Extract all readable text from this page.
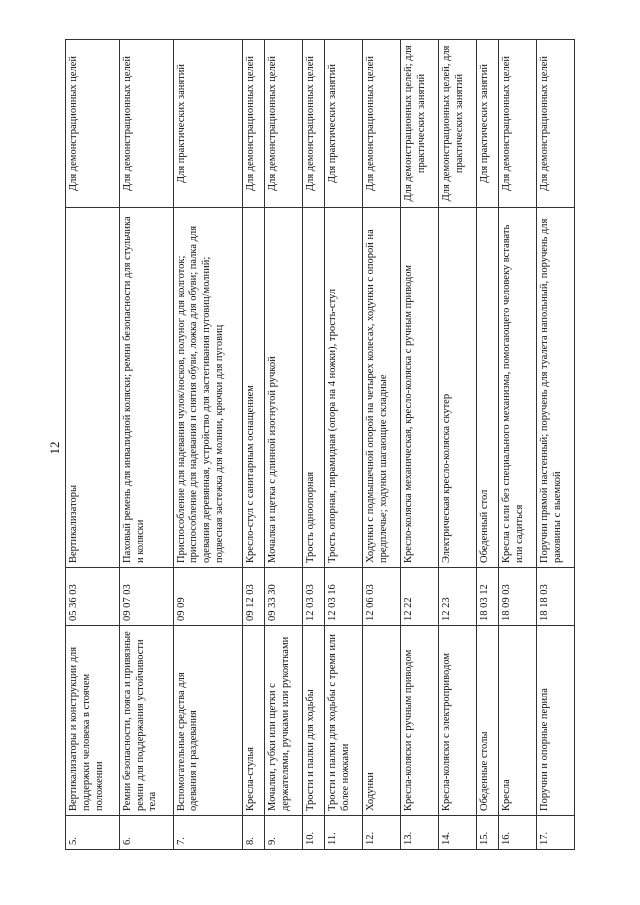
12
5.	Вертикализаторы и конструкции для поддержки человека в стоячем положении	05 36 03	Вертикализаторы	Для демонстрационных целей
6.	Ремни безопасности, пояса и привязные ремни для поддержания устойчивости тела	09 07 03	Паховый ремень для инвалидной коляски; ремни безопасности для стульчика и коляски	Для демонстрационных целей
7.	Вспомогательные средства для одевания и раздевания	09 09	Приспособление для надевания чулок/носков, полуног для колготок; приспособление для надевания и снятия обуви, ложка для обуви; палка для одевания деревянная, устройство для застегивания пуговиц/молний; подвесная застежка для молнии, крючки для пуговиц	Для практических занятий
8.	Кресла-стулья	09 12 03	Кресло-стул с санитарным оснащением	Для демонстрационных целей
9.	Мочалки, губки или щетки с держателями, ручками или рукоятками	09 33 30	Мочалка и щетка с длинной изогнутой ручкой	Для демонстрационных целей
10.	Трости и палки для ходьбы	12 03 03	Трость одноопорная	Для демонстрационных целей
11.	Трости и палки для ходьбы с тремя или более ножками	12 03 16	Трость опорная, пирамидная (опора на 4 ножки), трость-стул	Для практических занятий
12.	Ходунки	12 06 03	Ходунки с подмышечной опорой на четырех колесах, ходунки с опорой на предплечье; ходунки шагающие складные	Для демонстрационных целей
13.	Кресла-коляски с ручным приводом	12 22	Кресло-коляска механическая, кресло-коляска с ручным приводом	Для демонстрационных целей; для практических занятий
14.	Кресла-коляски с электроприводом	12 23	Электрическая кресло-коляска скутер	Для демонстрационных целей, для практических занятий
15.	Обеденные столы	18 03 12	Обеденный стол	Для практических занятий
16.	Кресла	18 09 03	Кресла с или без специального механизма, помогающего человеку вставать или садиться	Для демонстрационных целей
17.	Поручни и опорные перила	18 18 03	Поручни прямой настенный; поручень для туалета напольный, поручень для раковины с выемкой	Для демонстрационных целей
